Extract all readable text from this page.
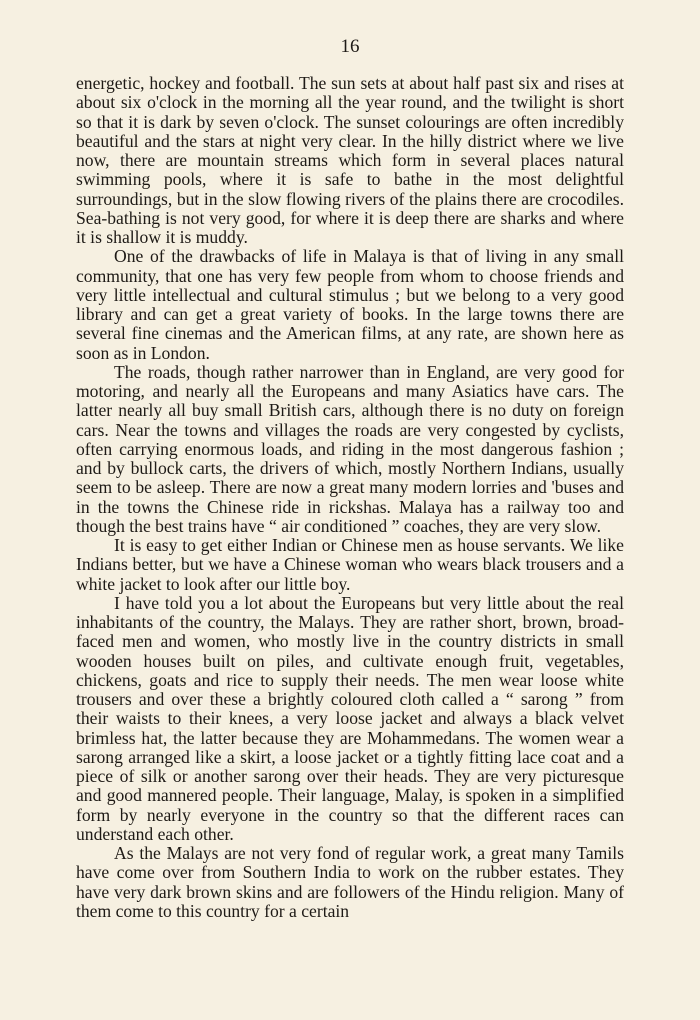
16

energetic, hockey and football. The sun sets at about half past six and rises at about six o'clock in the morning all the year round, and the twilight is short so that it is dark by seven o'clock. The sunset colourings are often incredibly beautiful and the stars at night very clear. In the hilly district where we live now, there are mountain streams which form in several places natural swimming pools, where it is safe to bathe in the most delightful surroundings, but in the slow flowing rivers of the plains there are crocodiles. Sea-bathing is not very good, for where it is deep there are sharks and where it is shallow it is muddy.

One of the drawbacks of life in Malaya is that of living in any small community, that one has very few people from whom to choose friends and very little intellectual and cultural stimulus ; but we belong to a very good library and can get a great variety of books. In the large towns there are several fine cinemas and the American films, at any rate, are shown here as soon as in London.

The roads, though rather narrower than in England, are very good for motoring, and nearly all the Europeans and many Asiatics have cars. The latter nearly all buy small British cars, although there is no duty on foreign cars. Near the towns and villages the roads are very congested by cyclists, often carrying enormous loads, and riding in the most dangerous fashion ; and by bullock carts, the drivers of which, mostly Northern Indians, usually seem to be asleep. There are now a great many modern lorries and 'buses and in the towns the Chinese ride in rickshas. Malaya has a railway too and though the best trains have “ air conditioned ” coaches, they are very slow.

It is easy to get either Indian or Chinese men as house servants. We like Indians better, but we have a Chinese woman who wears black trousers and a white jacket to look after our little boy.

I have told you a lot about the Europeans but very little about the real inhabitants of the country, the Malays. They are rather short, brown, broad-faced men and women, who mostly live in the country districts in small wooden houses built on piles, and cultivate enough fruit, vegetables, chickens, goats and rice to supply their needs. The men wear loose white trousers and over these a brightly coloured cloth called a “ sarong ” from their waists to their knees, a very loose jacket and always a black velvet brimless hat, the latter because they are Mohammedans. The women wear a sarong arranged like a skirt, a loose jacket or a tightly fitting lace coat and a piece of silk or another sarong over their heads. They are very picturesque and good mannered people. Their language, Malay, is spoken in a simplified form by nearly everyone in the country so that the different races can understand each other.

As the Malays are not very fond of regular work, a great many Tamils have come over from Southern India to work on the rubber estates. They have very dark brown skins and are followers of the Hindu religion. Many of them come to this country for a certain
